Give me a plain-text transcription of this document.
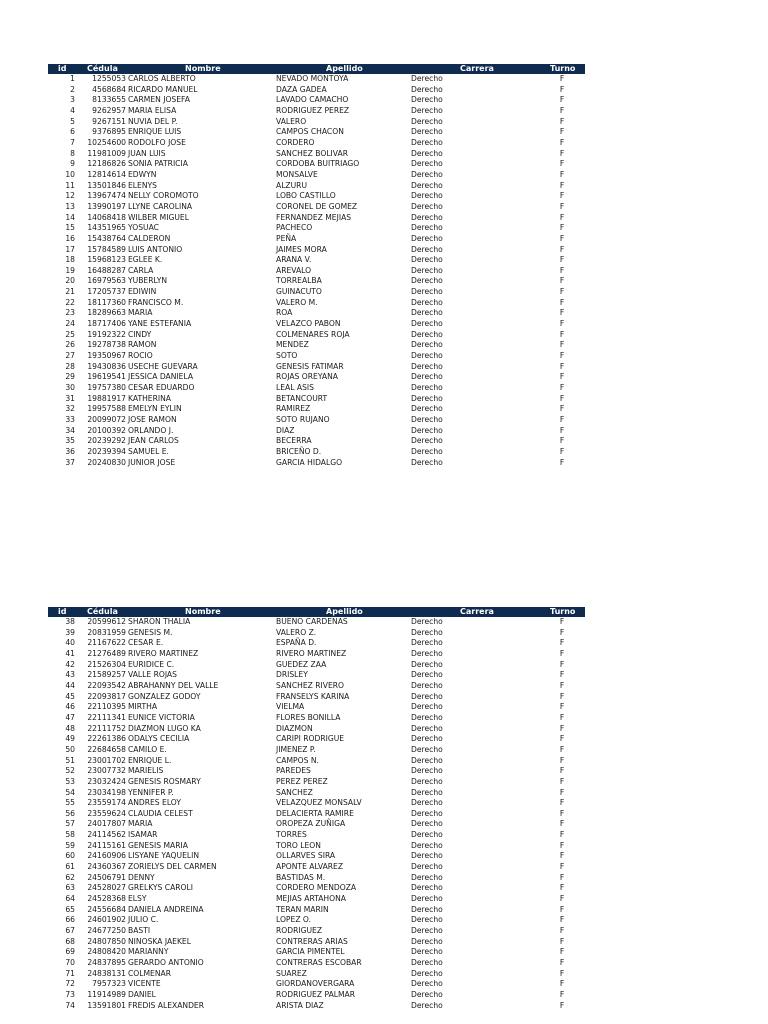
id	Cédula	Nombre	Apellido	Carrera	Turno
1	1255053 CARLOS ALBERTO	NEVADO MONTOYA	Derecho	F
2	4568684 RICARDO MANUEL	DAZA GADEA	Derecho	F
3	8133655 CARMEN JOSEFA	LAVADO CAMACHO	Derecho	F
4	9262957 MARIA ELISA	RODRIGUEZ PEREZ	Derecho	F
5	9267151 NUVIA DEL P.	VALERO	Derecho	F
6	9376895 ENRIQUE LUIS	CAMPOS CHACON	Derecho	F
7	10254600 RODOLFO JOSE	CORDERO	Derecho	F
8	11981009 JUAN LUIS	SANCHEZ BOLIVAR	Derecho	F
9	12186826 SONIA PATRICIA	CORDOBA BUITRIAGO	Derecho	F
10	12814614 EDWYN	MONSALVE	Derecho	F
11	13501846 ELENYS	ALZURU	Derecho	F
12	13967474 NELLY COROMOTO	LOBO CASTILLO	Derecho	F
13	13990197 LLYNE CAROLINA	CORONEL DE GOMEZ	Derecho	F
14	14068418 WILBER MIGUEL	FERNANDEZ MEJIAS	Derecho	F
15	14351965 YOSUAC	PACHECO	Derecho	F
16	15438764 CALDERON	PEÑA	Derecho	F
17	15784589 LUIS ANTONIO	JAIMES MORA	Derecho	F
18	15968123 EGLEE K.	ARANA V.	Derecho	F
19	16488287 CARLA	AREVALO	Derecho	F
20	16979563 YUBERLYN	TORREALBA	Derecho	F
21	17205737 EDIWIN	GUINACUTO	Derecho	F
22	18117360 FRANCISCO M.	VALERO M.	Derecho	F
23	18289663 MARIA	ROA	Derecho	F
24	18717406 YANE ESTEFANIA	VELAZCO PABON	Derecho	F
25	19192322 CINDY	COLMENARES ROJA	Derecho	F
26	19278738 RAMON	MENDEZ	Derecho	F
27	19350967 ROCIO	SOTO	Derecho	F
28	19430836 USECHE GUEVARA	GENESIS FATIMAR	Derecho	F
29	19619541 JESSICA DANIELA	ROJAS OREYANA	Derecho	F
30	19757380 CESAR EDUARDO	LEAL ASIS	Derecho	F
31	19881917 KATHERINA	BETANCOURT	Derecho	F
32	19957588 EMELYN EYLIN	RAMIREZ	Derecho	F
33	20099072 JOSE RAMON	SOTO RUJANO	Derecho	F
34	20100392 ORLANDO J.	DIAZ	Derecho	F
35	20239292 JEAN CARLOS	BECERRA	Derecho	F
36	20239394 SAMUEL E.	BRICEÑO D.	Derecho	F
37	20240830 JUNIOR JOSE	GARCIA HIDALGO	Derecho	F
id	Cédula	Nombre	Apellido	Carrera	Turno
38	20599612 SHARON THALIA	BUENO CARDENAS	Derecho	F
39	20831959 GENESIS M.	VALERO Z.	Derecho	F
40	21167622 CESAR E.	ESPAÑA D.	Derecho	F
41	21276489 RIVERO MARTINEZ	RIVERO MARTINEZ	Derecho	F
42	21526304 EURIDICE C.	GUEDEZ ZAA	Derecho	F
43	21589257 VALLE ROJAS	DRISLEY	Derecho	F
44	22093542 ABRAHANNY DEL VALLE	SANCHEZ RIVERO	Derecho	F
45	22093817 GONZALEZ GODOY	FRANSELYS KARINA	Derecho	F
46	22110395 MIRTHA	VIELMA	Derecho	F
47	22111341 EUNICE VICTORIA	FLORES BONILLA	Derecho	F
48	22111752 DIAZMON LUGO KA	DIAZMON	Derecho	F
49	22261386 ODALYS CECILIA	CARIPI RODRIGUE	Derecho	F
50	22684658 CAMILO E.	JIMENEZ P.	Derecho	F
51	23001702 ENRIQUE L.	CAMPOS N.	Derecho	F
52	23007732 MARIELIS	PAREDES	Derecho	F
53	23032424 GENESIS ROSMARY	PEREZ PEREZ	Derecho	F
54	23034198 YENNIFER P.	SANCHEZ	Derecho	F
55	23559174 ANDRES ELOY	VELAZQUEZ MONSALV	Derecho	F
56	23559624 CLAUDIA CELEST	DELACIERTA RAMIRE	Derecho	F
57	24017807 MARIA	OROPEZA ZUÑIGA	Derecho	F
58	24114562 ISAMAR	TORRES	Derecho	F
59	24115161 GENESIS MARIA	TORO LEON	Derecho	F
60	24160906 LISYANE YAQUELIN	OLLARVES SIRA	Derecho	F
61	24360367 ZORIELYS DEL CARMEN	APONTE ALVAREZ	Derecho	F
62	24506791 DENNY	BASTIDAS M.	Derecho	F
63	24528027 GRELKYS CAROLI	CORDERO MENDOZA	Derecho	F
64	24528368 ELSY	MEJIAS ARTAHONA	Derecho	F
65	24556684 DANIELA ANDREINA	TERAN MARIN	Derecho	F
66	24601902 JULIO C.	LOPEZ O.	Derecho	F
67	24677250 BASTI	RODRIGUEZ	Derecho	F
68	24807850 NINOSKA JAEKEL	CONTRERAS ARIAS	Derecho	F
69	24808420 MARIANNY	GARCIA PIMENTEL	Derecho	F
70	24837895 GERARDO ANTONIO	CONTRERAS ESCOBAR	Derecho	F
71	24838131 COLMENAR	SUAREZ	Derecho	F
72	7957323 VICENTE	GIORDANOVERGARA	Derecho	F
73	11914989 DANIEL	RODRIGUEZ PALMAR	Derecho	F
74	13591801 FREDIS ALEXANDER	ARISTA DIAZ	Derecho	F
